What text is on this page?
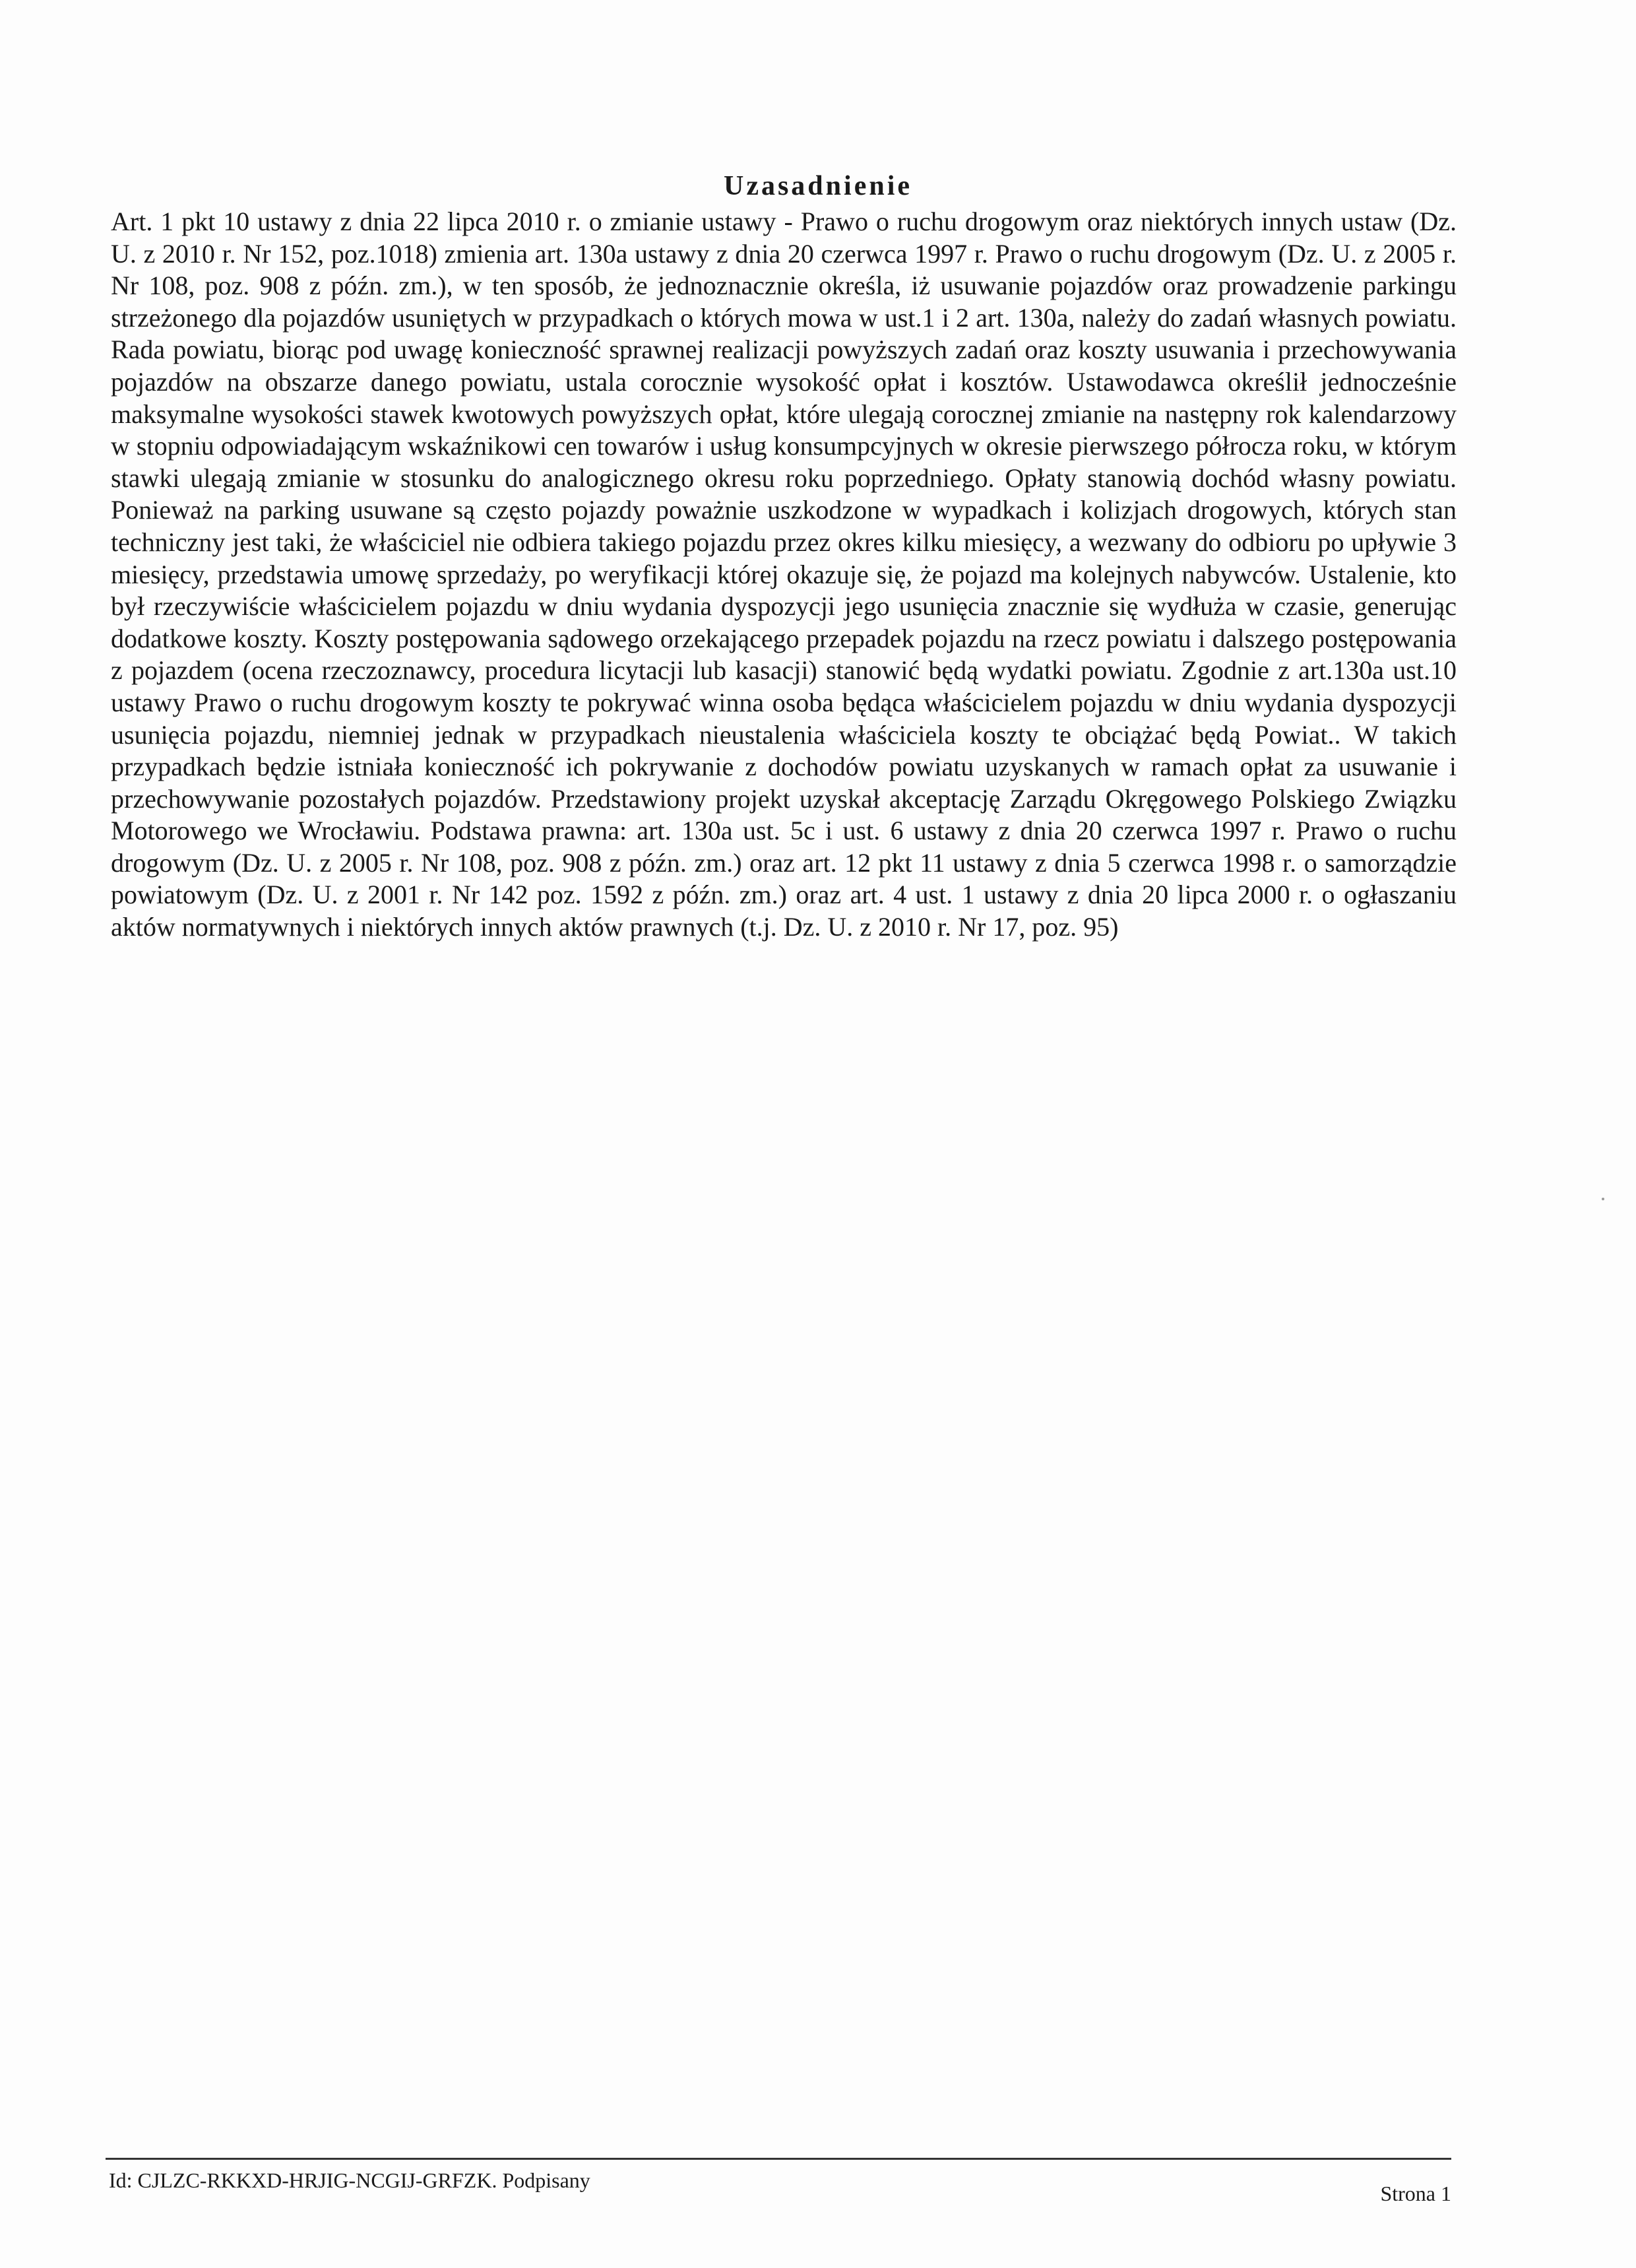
Uzasadnienie

Art. 1 pkt 10 ustawy z dnia 22 lipca 2010 r. o zmianie ustawy - Prawo o ruchu drogowym oraz niektórych innych ustaw (Dz. U. z 2010 r. Nr 152, poz.1018) zmienia art. 130a ustawy z dnia 20 czerwca 1997 r. Prawo o ruchu drogowym (Dz. U. z 2005 r. Nr 108, poz. 908 z późn. zm.), w ten sposób, że jednoznacznie określa, iż usuwanie pojazdów oraz prowadzenie parkingu strzeżonego dla pojazdów usuniętych w przypadkach o których mowa w ust.1 i 2 art. 130a, należy do zadań własnych powiatu. Rada powiatu, biorąc pod uwagę konieczność sprawnej realizacji powyższych zadań oraz koszty usuwania i przechowywania pojazdów na obszarze danego powiatu, ustala corocznie wysokość opłat i kosztów. Ustawodawca określił jednocześnie maksymalne wysokości stawek kwotowych powyższych opłat, które ulegają corocznej zmianie na następny rok kalendarzowy w stopniu odpowiadającym wskaźnikowi cen towarów i usług konsumpcyjnych w okresie pierwszego półrocza roku, w którym stawki ulegają zmianie w stosunku do analogicznego okresu roku poprzedniego. Opłaty stanowią dochód własny powiatu. Ponieważ na parking usuwane są często pojazdy poważnie uszkodzone w wypadkach i kolizjach drogowych, których stan techniczny jest taki, że właściciel nie odbiera takiego pojazdu przez okres kilku miesięcy, a wezwany do odbioru po upływie 3 miesięcy, przedstawia umowę sprzedaży, po weryfikacji której okazuje się, że pojazd ma kolejnych nabywców. Ustalenie, kto był rzeczywiście właścicielem pojazdu w dniu wydania dyspozycji jego usunięcia znacznie się wydłuża w czasie, generując dodatkowe koszty. Koszty postępowania sądowego orzekającego przepadek pojazdu na rzecz powiatu i dalszego postępowania z pojazdem (ocena rzeczoznawcy, procedura licytacji lub kasacji) stanowić będą wydatki powiatu. Zgodnie z art.130a ust.10 ustawy Prawo o ruchu drogowym koszty te pokrywać winna osoba będąca właścicielem pojazdu w dniu wydania dyspozycji usunięcia pojazdu, niemniej jednak w przypadkach nieustalenia właściciela koszty te obciążać będą Powiat.. W takich przypadkach będzie istniała konieczność ich pokrywanie z dochodów powiatu uzyskanych w ramach opłat za usuwanie i przechowywanie pozostałych pojazdów. Przedstawiony projekt uzyskał akceptację Zarządu Okręgowego Polskiego Związku Motorowego we Wrocławiu. Podstawa prawna: art. 130a ust. 5c i ust. 6 ustawy z dnia 20 czerwca 1997 r. Prawo o ruchu drogowym (Dz. U. z 2005 r. Nr 108, poz. 908 z późn. zm.) oraz art. 12 pkt 11 ustawy z dnia 5 czerwca 1998 r. o samorządzie powiatowym (Dz. U. z 2001 r. Nr 142 poz. 1592 z późn. zm.) oraz art. 4 ust. 1 ustawy z dnia 20 lipca 2000 r. o ogłaszaniu aktów normatywnych i niektórych innych aktów prawnych (t.j. Dz. U. z 2010 r. Nr 17, poz. 95)

Id: CJLZC-RKKXD-HRJIG-NCGIJ-GRFZK. Podpisany
Strona 1
